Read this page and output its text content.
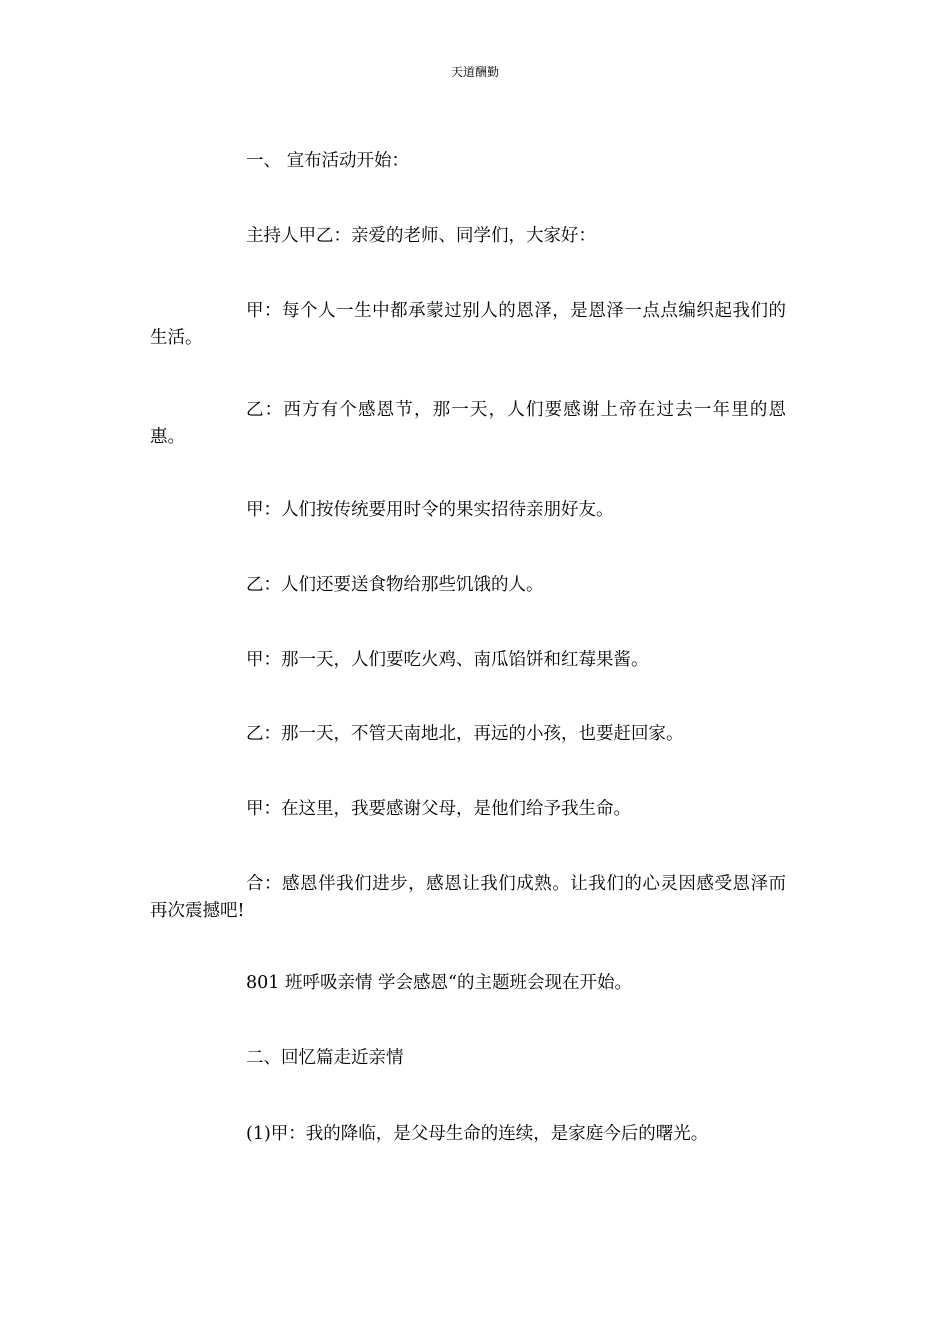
天道酬勤

一、 宣布活动开始：

主持人甲乙：亲爱的老师、同学们，大家好：

甲：每个人一生中都承蒙过别人的恩泽，是恩泽一点点编织起我们的生活。

乙：西方有个感恩节，那一天，人们要感谢上帝在过去一年里的恩惠。

甲：人们按传统要用时令的果实招待亲朋好友。

乙：人们还要送食物给那些饥饿的人。

甲：那一天，人们要吃火鸡、南瓜馅饼和红莓果酱。

乙：那一天，不管天南地北，再远的小孩，也要赶回家。

甲：在这里，我要感谢父母，是他们给予我生命。

合：感恩伴我们进步，感恩让我们成熟。让我们的心灵因感受恩泽而再次震撼吧!

801 班呼吸亲情 学会感恩“的主题班会现在开始。

二、回忆篇走近亲情

(1)甲：我的降临，是父母生命的连续，是家庭今后的曙光。
